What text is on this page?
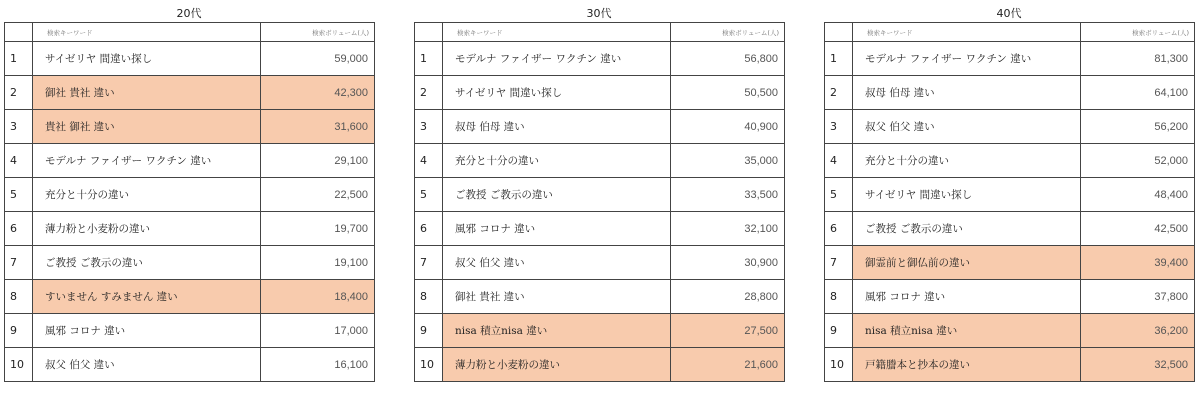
20代
	検索キーワード	検索ボリューム(人)
1	サイゼリヤ 間違い探し	59,000
2	御社 貴社 違い	42,300
3	貴社 御社 違い	31,600
4	モデルナ ファイザー ワクチン 違い	29,100
5	充分と十分の違い	22,500
6	薄力粉と小麦粉の違い	19,700
7	ご教授 ご教示の違い	19,100
8	すいません すみません 違い	18,400
9	風邪 コロナ 違い	17,000
10	叔父 伯父 違い	16,100
30代
	検索キーワード	検索ボリューム(人)
1	モデルナ ファイザー ワクチン 違い	56,800
2	サイゼリヤ 間違い探し	50,500
3	叔母 伯母 違い	40,900
4	充分と十分の違い	35,000
5	ご教授 ご教示の違い	33,500
6	風邪 コロナ 違い	32,100
7	叔父 伯父 違い	30,900
8	御社 貴社 違い	28,800
9	nisa 積立nisa 違い	27,500
10	薄力粉と小麦粉の違い	21,600
40代
	検索キーワード	検索ボリューム(人)
1	モデルナ ファイザー ワクチン 違い	81,300
2	叔母 伯母 違い	64,100
3	叔父 伯父 違い	56,200
4	充分と十分の違い	52,000
5	サイゼリヤ 間違い探し	48,400
6	ご教授 ご教示の違い	42,500
7	御霊前と御仏前の違い	39,400
8	風邪 コロナ 違い	37,800
9	nisa 積立nisa 違い	36,200
10	戸籍謄本と抄本の違い	32,500
